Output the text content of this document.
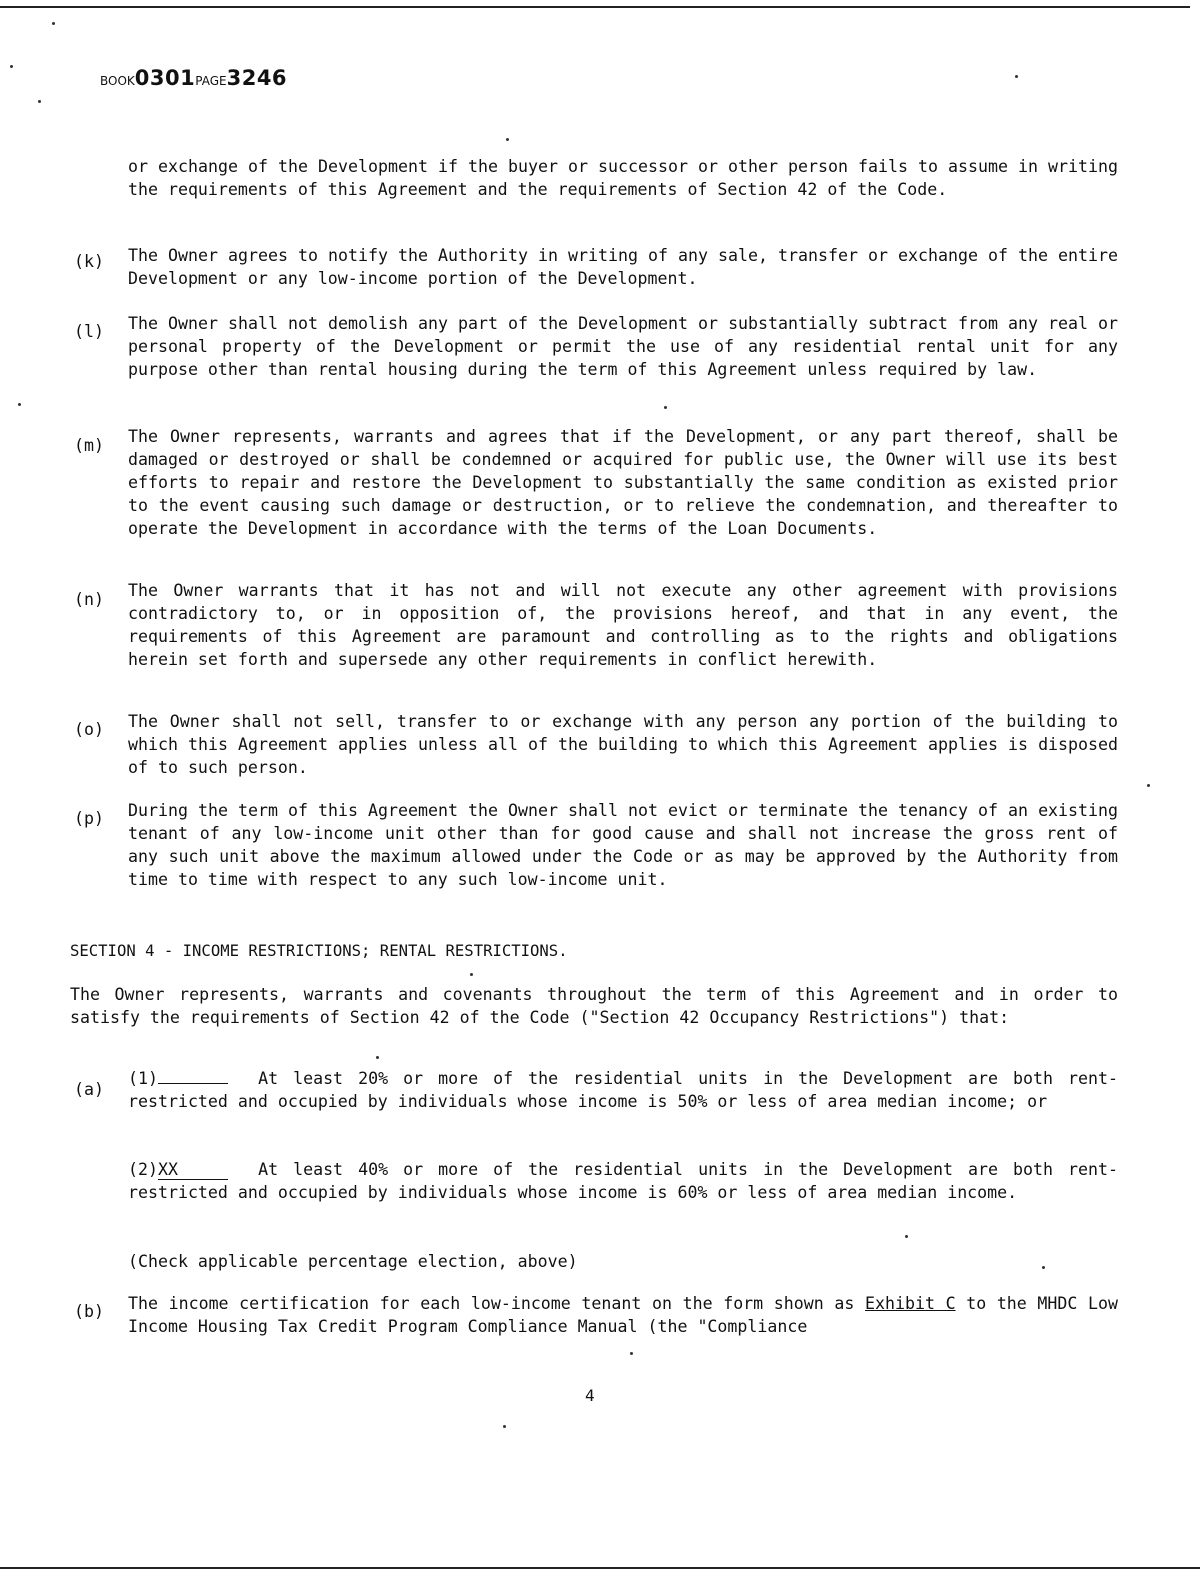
BOOK0301PAGE3246
or exchange of the Development if the buyer or successor or other person fails to assume in writing the requirements of this Agreement and the requirements of Section 42 of the Code.
(k) The Owner agrees to notify the Authority in writing of any sale, transfer or exchange of the entire Development or any low-income portion of the Development.
(l) The Owner shall not demolish any part of the Development or substantially subtract from any real or personal property of the Development or permit the use of any residential rental unit for any purpose other than rental housing during the term of this Agreement unless required by law.
(m) The Owner represents, warrants and agrees that if the Development, or any part thereof, shall be damaged or destroyed or shall be condemned or acquired for public use, the Owner will use its best efforts to repair and restore the Development to substantially the same condition as existed prior to the event causing such damage or destruction, or to relieve the condemnation, and thereafter to operate the Development in accordance with the terms of the Loan Documents.
(n) The Owner warrants that it has not and will not execute any other agreement with provisions contradictory to, or in opposition of, the provisions hereof, and that in any event, the requirements of this Agreement are paramount and controlling as to the rights and obligations herein set forth and supersede any other requirements in conflict herewith.
(o) The Owner shall not sell, transfer to or exchange with any person any portion of the building to which this Agreement applies unless all of the building to which this Agreement applies is disposed of to such person.
(p) During the term of this Agreement the Owner shall not evict or terminate the tenancy of an existing tenant of any low-income unit other than for good cause and shall not increase the gross rent of any such unit above the maximum allowed under the Code or as may be approved by the Authority from time to time with respect to any such low-income unit.
SECTION 4 - INCOME RESTRICTIONS; RENTAL RESTRICTIONS.
The Owner represents, warrants and covenants throughout the term of this Agreement and in order to satisfy the requirements of Section 42 of the Code ("Section 42 Occupancy Restrictions") that:
(a)
(1)	At least 20% or more of the residential units in the Development are both rent-restricted and occupied by individuals whose income is 50% or less of area median income; or
(2)XX	At least 40% or more of the residential units in the Development are both rent-restricted and occupied by individuals whose income is 60% or less of area median income.
(Check applicable percentage election, above)
(b) The income certification for each low-income tenant on the form shown as Exhibit C to the MHDC Low Income Housing Tax Credit Program Compliance Manual (the "Compliance
4
